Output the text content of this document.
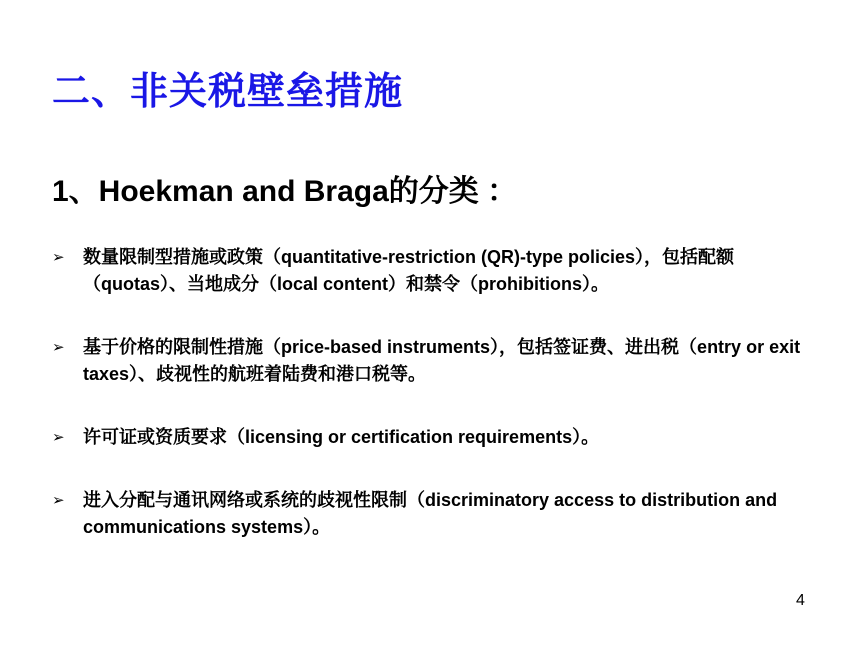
二、非关税壁垒措施
1、Hoekman and Braga的分类 ：
➢ 数量限制型措施或政策（quantitative-restriction (QR)-type policies），包括配额（quotas）、当地成分（local content）和禁令（prohibitions）。
➢ 基于价格的限制性措施（price-based instruments），包括签证费、进出税（entry or exit taxes）、歧视性的航班着陆费和港口税等。
➢ 许可证或资质要求（licensing or certification requirements）。
➢ 进入分配与通讯网络或系统的歧视性限制（discriminatory access to distribution and communications systems）。
4
